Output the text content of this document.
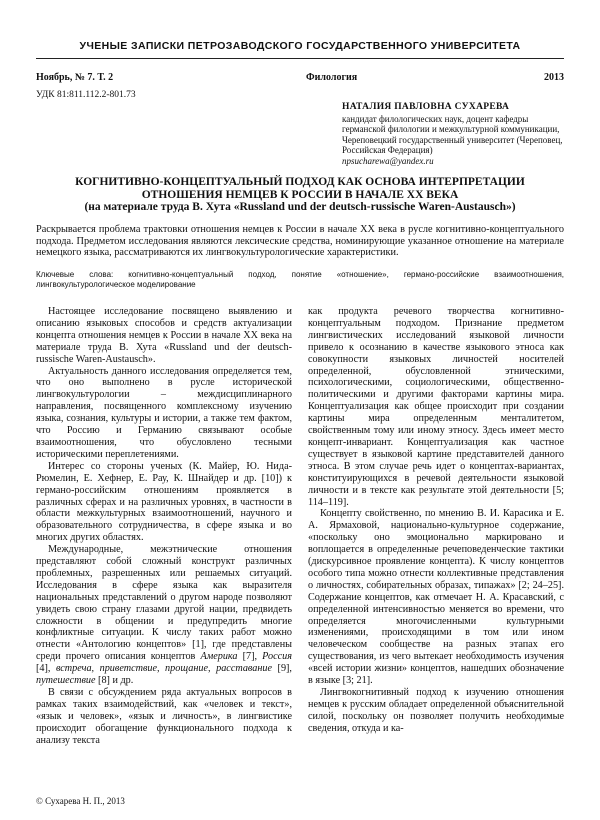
УЧЕНЫЕ ЗАПИСКИ ПЕТРОЗАВОДСКОГО ГОСУДАРСТВЕННОГО УНИВЕРСИТЕТА
Ноябрь, № 7. Т. 2	Филология	2013
УДК 81:811.112.2-801.73
НАТАЛИЯ ПАВЛОВНА СУХАРЕВА
кандидат филологических наук, доцент кафедры германской филологии и межкультурной коммуникации, Череповецкий государственный университет (Череповец, Российская Федерация)
npsucharewa@yandex.ru
КОГНИТИВНО-КОНЦЕПТУАЛЬНЫЙ ПОДХОД КАК ОСНОВА ИНТЕРПРЕТАЦИИ
ОТНОШЕНИЯ НЕМЦЕВ К РОССИИ В НАЧАЛЕ XX ВЕКА
(на материале труда В. Хута «Russland und der deutsch-russische Waren-Austausch»)
Раскрывается проблема трактовки отношения немцев к России в начале XX века в русле когнитивно-концептуального подхода. Предметом исследования являются лексические средства, номинирующие указанное отношение на материале немецкого языка, рассматриваются их лингвокультурологические характеристики.
Ключевые слова: когнитивно-концептуальный подход, понятие «отношение», германо-российские взаимоотношения, лингвокультурологическое моделирование

Настоящее исследование посвящено выявлению и описанию языковых способов и средств актуализации концепта отношения немцев к России в начале XX века на материале труда В. Хута «Russland und der deutsch-russische Waren-Austausch».

Актуальность данного исследования определяется тем, что оно выполнено в русле исторической лингвокультурологии – междисциплинарного направления, посвященного комплексному изучению языка, сознания, культуры и истории, а также тем фактом, что Россию и Германию связывают особые взаимоотношения, что обусловлено тесными историческими переплетениями.

Интерес со стороны ученых (К. Майер, Ю. Нида-Рюмелин, Е. Хефнер, Е. Рау, К. Шнайдер и др. [10]) к германо-российским отношениям проявляется в различных сферах и на различных уровнях, в частности в области межкультурных взаимоотношений, научного и образовательного сотрудничества, в сфере языка и во многих других областях.

Международные, межэтнические отношения представляют собой сложный конструкт различных проблемных, разрешенных или решаемых ситуаций. Исследования в сфере языка как выразителя национальных представлений о другом народе позволяют увидеть свою страну глазами другой нации, предвидеть сложности в общении и предупредить многие конфликтные ситуации. К числу таких работ можно отнести «Антологию концептов» [1], где представлены среди прочего описания концептов Америка [7], Россия [4], встреча, приветствие, прощание, расставание [9], путешествие [8] и др.

В связи с обсуждением ряда актуальных вопросов в рамках таких взаимодействий, как «человек и текст», «язык и человек», «язык и личность», в лингвистике происходит обогащение функционального подхода к анализу текста

как продукта речевого творчества когнитивно-концептуальным подходом. Признание предметом лингвистических исследований языковой личности привело к осознанию в качестве языкового этноса как совокупности языковых личностей носителей определенной, обусловленной этническими, психологическими, социологическими, общественно-политическими и другими факторами картины мира. Концептуализация как общее происходит при создании картины мира определенным менталитетом, свойственным тому или иному этносу. Здесь имеет место концепт-инвариант. Концептуализация как частное существует в языковой картине представителей данного этноса. В этом случае речь идет о концептах-вариантах, конституирующихся в речевой деятельности языковой личности и в тексте как результате этой деятельности [5; 114–119].

Концепту свойственно, по мнению В. И. Карасика и Е. А. Ярмаховой, национально-культурное содержание, «поскольку оно эмоционально маркировано и воплощается в определенные речеповеденческие тактики (дискурсивное проявление концепта). К числу концептов особого типа можно отнести коллективные представления о личностях, собирательных образах, типажах» [2; 24–25]. Содержание концептов, как отмечает Н. А. Красавский, с определенной интенсивностью меняется во времени, что определяется многочисленными культурными изменениями, происходящими в том или ином человеческом сообществе на разных этапах его существования, из чего вытекает необходимость изучения «всей истории жизни» концептов, нашедших обозначение в языке [3; 21].

Лингвокогнитивный подход к изучению отношения немцев к русским обладает определенной объяснительной силой, поскольку он позволяет получить необходимые сведения, откуда и ка-

© Сухарева Н. П., 2013
